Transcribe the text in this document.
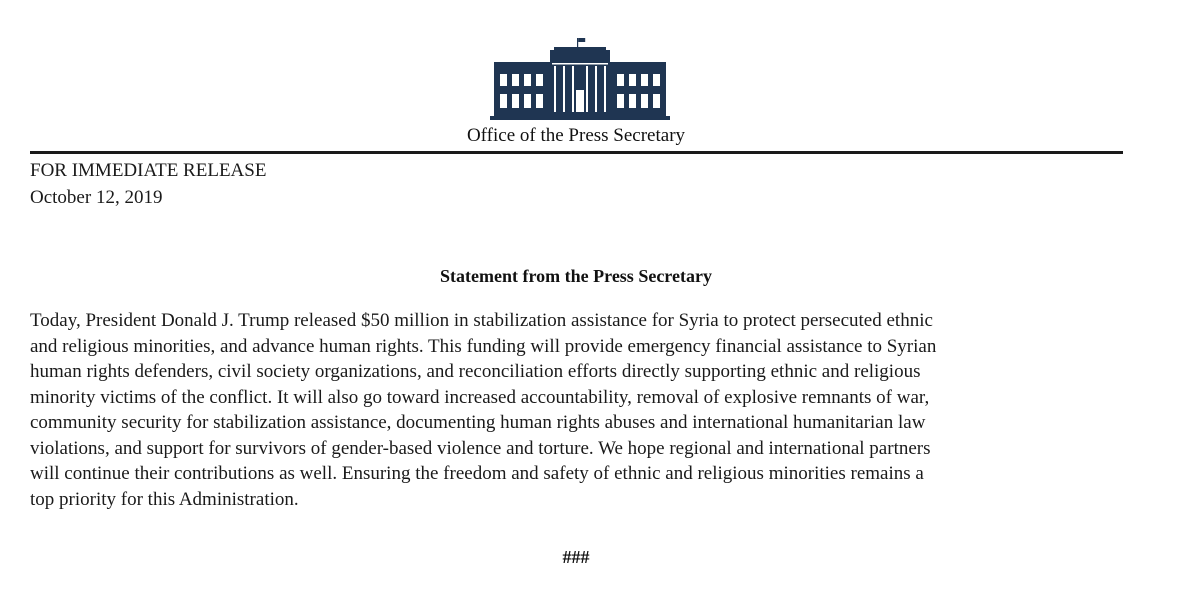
Office of the Press Secretary
FOR IMMEDIATE RELEASE
October 12, 2019
Statement from the Press Secretary
Today, President Donald J. Trump released $50 million in stabilization assistance for Syria to protect persecuted ethnic
and religious minorities, and advance human rights. This funding will provide emergency financial assistance to Syrian
human rights defenders, civil society organizations, and reconciliation efforts directly supporting ethnic and religious
minority victims of the conflict. It will also go toward increased accountability, removal of explosive remnants of war,
community security for stabilization assistance, documenting human rights abuses and international humanitarian law
violations, and support for survivors of gender-based violence and torture. We hope regional and international partners
will continue their contributions as well. Ensuring the freedom and safety of ethnic and religious minorities remains a
top priority for this Administration.
###
